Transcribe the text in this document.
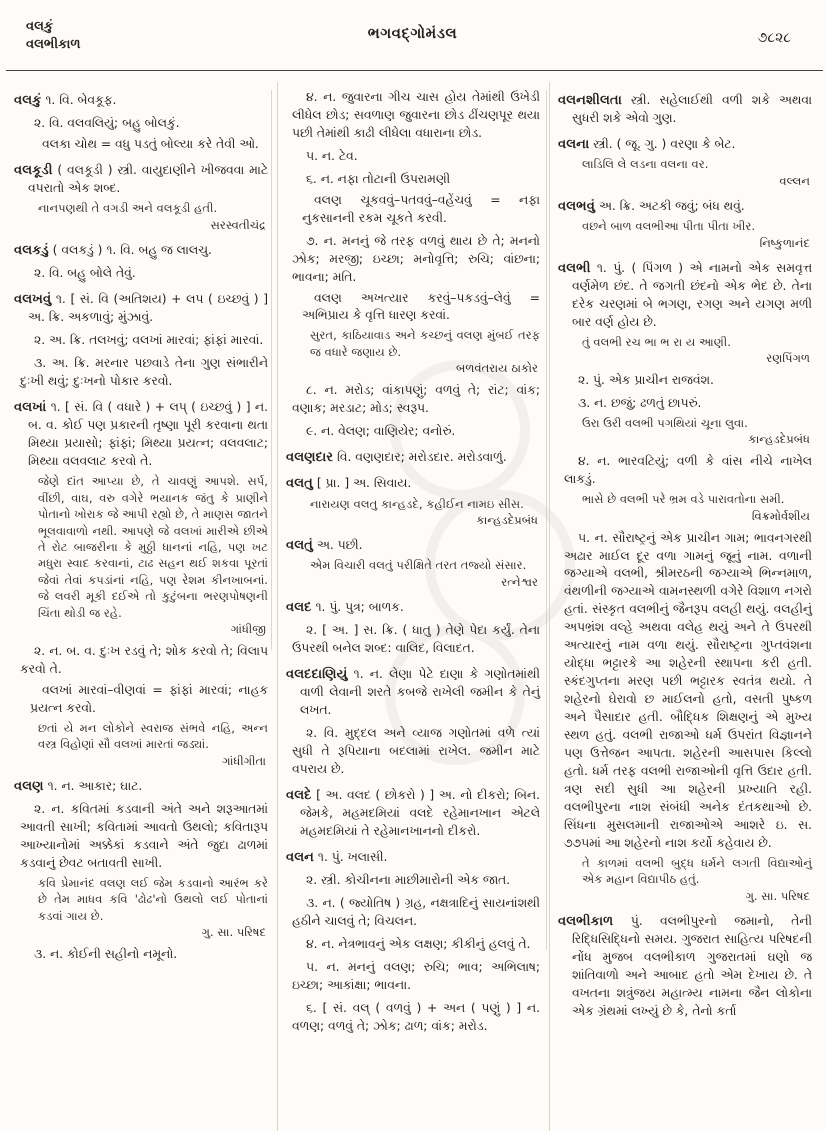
વલકું
વલભીકાળ
ભગવદ્ગોમંડલ	૭૮૨૮

વલકું ૧. વિ. બેવકૂફ.

૨. વિ. વલવલિયું; બહુ બોલકું.

વલકા ચોથ = વધુ પડતું બોલ્યા કરે તેવી ઓ.

વલકૂડી ( વલકૂડી ) સ્ત્રી. વાયુદાણીને ખીજવવા માટે વપરાતો એક શબ્દ.

નાનપણથી તે વગડી અને વલકૂડી હતી.

સરસ્વતીચંદ્ર

વલકડું ( વલકડું ) ૧. વિ. બહુ જ લાલચુ.

૨. વિ. બહુ બોલે તેવું.

વલખવું ૧. [ સં. વિ (અતિશય) + લપ ( ઇચ્છવું ) ] અ. ક્રિ. અકળાવું; મુંઝાવું.

૨. અ. ક્રિ. તલખવું; વલખાં મારવાં; ફાંફાં મારવાં.

૩. અ. ક્રિ. મરનાર પછવાડે તેના ગુણ સંભારીને દુઃખી થવું; દુઃખનો પોકાર કરવો.

વલખાં ૧. [ સં. વિ ( વધારે ) + લપ્ ( ઇચ્છવું ) ] ન. બ. વ. કોઈ પણ પ્રકારની તૃષ્ણા પૂરી કરવાના થતા મિથ્યા પ્રયાસો; ફાંફાં; મિથ્યા પ્રયત્ન; વલવલાટ; મિથ્યા વલવલાટ કરવો તે.

જેણે દાંત આપ્યા છે, તે ચાવણું આપશે. સર્પ, વીંછી, વાઘ, વરુ વગેરે ભયાનક જંતુ કે પ્રાણીને પોતાનો ખોરાક જે આપી રહ્યો છે, તે માણસ જાતને ભૂલવાવાળો નથી. આપણે જે વલખાં મારીએ છીએ તે રોટ બાજરીના કે મુઠ્ઠી ધાનનાં નહિ, પણ ખટ મધુરા સ્વાદ કરવાનાં, ટાઢ સહન થઈ શકવા પૂરતાં જેવાં તેવાં કપડાંનાં નહિ, પણ રેશમ કીનખાબનાં. જે લવરી મૂકી દઈએ તો કુટુંબના ભરણપોષણની ચિંતા થોડી જ રહે.

ગાંધીજી

૨. ન. બ. વ. દુઃખ રડવું તે; શોક કરવો તે; વિલાપ કરવો તે.

વલખાં મારવાં–વીણવાં = ફાંફાં મારવાં; નાહક પ્રયત્ન કરવો.

છતાં યે મન લોકોને સ્વરાજ સંભવે નહિ, અન્ન વસ્ત્ર વિહોણાં સૌ વલખાં મારતાં જડ્યાં.

ગાંધીગીતા

વલણ ૧. ન. આકાર; ઘાટ.

૨. ન. કવિતમાં કડવાની અંતે અને શરૂઆતમાં આવતી સાખી; કવિતામાં આવતો ઉથલો; કવિતારૂપ આખ્યાનોમાં અક્કેકાં કડવાને અંતે જુદા ઢાળમાં કડવાનું છેવટ બતાવતી સાખી.

કવિ પ્રેમાનંદ વલણ લઈ જેમ કડવાનો આરંભ કરે છે તેમ માધવ કવિ 'ઢોઢ'નો ઉથલો લઈ પોતાનાં કડવાં ગાય છે.

ગુ. સા. પરિષદ

૩. ન. કોઈની સહીનો નમૂનો.

૪. ન. જુવારના ગીચ ચાસ હોય તેમાંથી ઉખેડી લીધેલ છોડ; સવળાણ જુવારના છોડ ઢીંચણપૂર થયા પછી તેમાંથી કાઢી લીધેલા વધારાના છોડ.

૫. ન. ટેવ.

૬. ન. નફા તોટાની ઉપરામણી

વલણ ચૂકવવું–પતવવું–વહેંચવું = નફા નુકસાનની રકમ ચૂકતે કરવી.

૭. ન. મનનું જે તરફ વળવું થાય છે તે; મનનો ઝોક; મરજી; ઇચ્છા; મનોવૃત્તિ; રુચિ; વાંછના; ભાવના; મતિ.

વલણ અખત્યાર કરવું–પકડવું–લેવું = અભિપ્રાય કે વૃત્તિ ધારણ કરવાં.

સુરત, કાઠિયાવાડ અને કચ્છનું વલણ મુંબઈ તરફ જ વધારે જણાય છે.

બળવંતરાય ઠાકોર

૮. ન. મરોડ; વાંકાપણું; વળવું તે; રાંટ; વાંક; વણાક; મરડાટ; મોડ; સ્વરૂપ.

૯. ન. વેલણ; વાણિયેર; વનોરું.

વલણદાર વિ. વણણદાર; મરોડદાર. મરોડવાળું.

વલતુ [ પ્રા. ] અ. સિવાય.

નારાયણ વલતુ કાન્હડદે, કહીઈન નામઇ સીસ.

કાન્હડદેપ્રબંધ

વલતું અ. પછી.

એમ વિચારી વલતું પરીક્ષિતે તરત તજ્યો સંસાર.

રત્નેશ્વર

વલદ ૧. પું. પુત્ર; બાળક.

૨. [ અ. ] સ. ક્રિ. ( ધાતુ ) તેણે પેદા કર્યું. તેના ઉપરથી બનેલ શબ્દ: વાલિદ, વિલાદત.

વલદદાણિયું ૧. ન. લેણા પેટે દાણા કે ગણોતમાંથી વાળી લેવાની શરતે કબજે રાખેલી જમીન કે તેનું લખત.

૨. વિ. મુદ્દલ અને વ્યાજ ગણોતમાં વળે ત્યાં સુધી તે રૂપિયાના બદલામાં રાખેલ. જમીન માટે વપરાય છે.

વલદે [ અ. વલદ ( છોકરો ) ] અ. નો દીકરો; બિન. જેમકે, મહમદમિયાં વલદે રહેમાનખાન એટલે મહમદમિયાં તે રહેમાનખાનનો દીકરો.

વલન ૧. પું. ખલાસી.

૨. સ્ત્રી. કોચીનના માછીમારોની એક જાત.

૩. ન. ( જ્યોતિષ ) ગ્રહ, નક્ષત્રાદિનું સાયનાંશથી હઠીને ચાલવું તે; વિચલન.

૪. ન. નેત્રભાવનું એક લક્ષણ; કીકીનું હલવું તે.

૫. ન. મનનું વલણ; રુચિ; ભાવ; અભિલાષ; ઇચ્છા; આકાંક્ષા; ભાવના.

૬. [ સં. વલ્ ( વળવું ) + અન ( પણું ) ] ન. વળણ; વળવું તે; ઝોક; ઢાળ; વાંક; મરોડ.

વલનશીલતા સ્ત્રી. સહેલાઈથી વળી શકે અથવા સુધરી શકે એવો ગુણ.

વલના સ્ત્રી. ( જૂ. ગુ. ) વરણા કે બેટ.

લાડિલિ લે લડના વલના વર.

વલ્લન

વલભવું અ. ક્રિ. અટકી જવું; બંધ થવું.

વછને બાળ વલભીઆ પીતા પીતા ખીર.

નિષ્કુળાનંદ

વલભી ૧. પું. ( પિંગળ ) એ નામનો એક સમવૃત્ત વર્ણમેળ છંદ. તે જગતી છંદનો એક ભેદ છે. તેના દરેક ચરણમાં બે ભગણ, રગણ અને યગણ મળી બાર વર્ણ હોય છે.

તું વલભી રચ ભા ભ રા ય આણી.

રણપિંગળ

૨. પું. એક પ્રાચીન રાજવંશ.

૩. ન. છજું; ઢળતું છાપરું.

ઉરા ઉરી વલભી પગથિયાં ચૂના લુવા.

કાન્હડદેપ્રબંધ

૪. ન. ભારવટિયું; વળી કે વાંસ નીચે નાખેલ લાકડું.

ભાસે છે વલભી પરે ભ્રમ વડે પારાવતોના સમી.

વિક્રમોર્વશીય

૫. ન. સૌરાષ્ટ્રનું એક પ્રાચીન ગામ; ભાવનગરથી અઢાર માઈલ દૂર વળા ગામનું જૂનું નામ. વળાની જગ્યાએ વલભી, શ્રીમરઠની જગ્યાએ ભિન્નમાળ, વંથળીની જગ્યાએ વામનસ્થળી વગેરે વિશાળ નગરો હતાં. સંસ્કૃત વલભીનું જૈનરૂપ વલહી થયું. વલહીનું અપભ્રંશ વલ્હે અથવા વલેહ થયું અને તે ઉપરથી અત્યારનું નામ વળા થયું. સૌરાષ્ટ્રના ગુપ્તવંશના યોદ્ધા ભટ્ટારકે આ શહેરની સ્થાપના કરી હતી. સ્કંદગુપ્તના મરણ પછી ભટ્ટારક સ્વતંત્ર થયો. તે શહેરનો ઘેરાવો છ માઈલનો હતો, વસતી પુષ્કળ અને પૈસાદાર હતી. બૌદ્ધિક શિક્ષણનું એ મુખ્ય સ્થળ હતું. વલભી રાજાઓ ધર્મ ઉપરાંત વિજ્ઞાનને પણ ઉત્તેજન આપતા. શહેરની આસપાસ કિલ્લો હતો. ધર્મ તરફ વલભી રાજાઓની વૃત્તિ ઉદાર હતી. ત્રણ સદી સુધી આ શહેરની પ્રખ્યાતિ રહી. વલભીપુરના નાશ સંબંધી અનેક દંતકથાઓ છે. સિંધના મુસલમાની રાજાઓએ આશરે ઇ. સ. ૭૭૫માં આ શહેરનો નાશ કર્યો કહેવાય છે.

તે કાળમાં વલભી બુદ્ધ ધર્મને લગતી વિદ્યાઓનું એક મહાન વિદ્યાપીઠ હતું.

ગુ. સા. પરિષદ

વલભીકાળ પું. વલભીપુરનો જમાનો, તેની રિદ્ધિસિદ્ધિનો સમય. ગુજરાત સાહિત્ય પરિષદની નોંધ મુજબ વલભીકાળ ગુજરાતમાં ઘણો જ શાંતિવાળો અને આબાદ હતો એમ દેખાય છે. તે વખતના શત્રુંજય મહાત્મ્ય નામના જૈન લોકોના એક ગ્રંથમાં લખ્યું છે કે, તેનો કર્તા
